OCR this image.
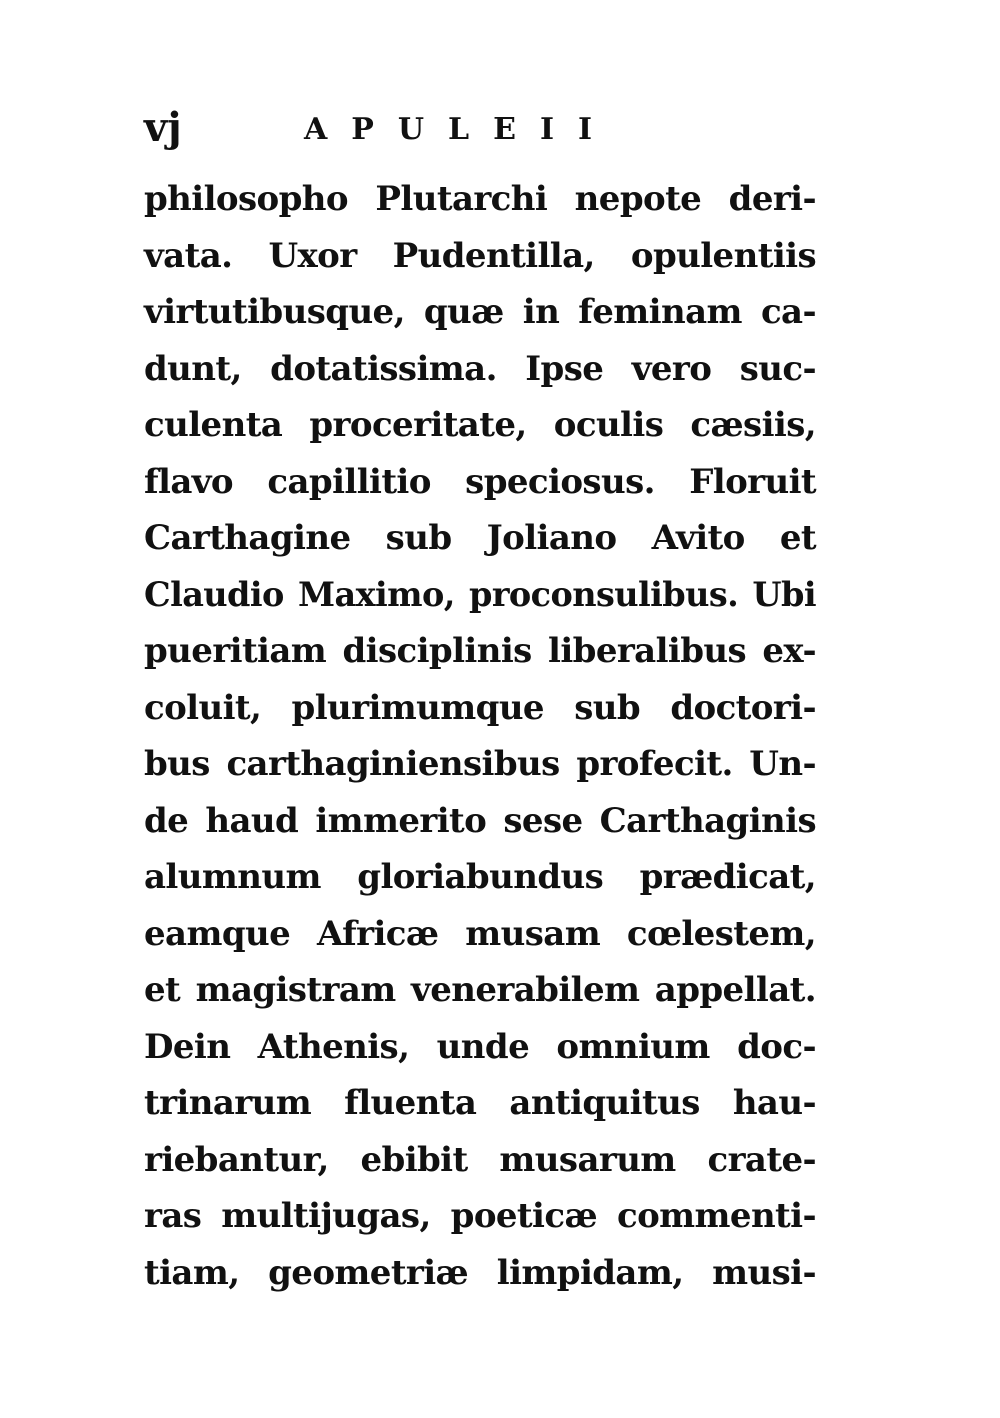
vj	APULEII
philosopho Plutarchi nepote deri-
vata. Uxor Pudentilla, opulentiis
virtutibusque, quæ in feminam ca-
dunt, dotatissima. Ipse vero suc-
culenta proceritate, oculis cæsiis,
flavo capillitio speciosus. Floruit
Carthagine sub Joliano Avito et
Claudio Maximo, proconsulibus. Ubi
pueritiam disciplinis liberalibus ex-
coluit, plurimumque sub doctori-
bus carthaginiensibus profecit. Un-
de haud immerito sese Carthaginis
alumnum gloriabundus prædicat,
eamque Africæ musam cœlestem,
et magistram venerabilem appellat.
Dein Athenis, unde omnium doc-
trinarum fluenta antiquitus hau-
riebantur, ebibit musarum crate-
ras multijugas, poeticæ commenti-
tiam, geometriæ limpidam, musi-
